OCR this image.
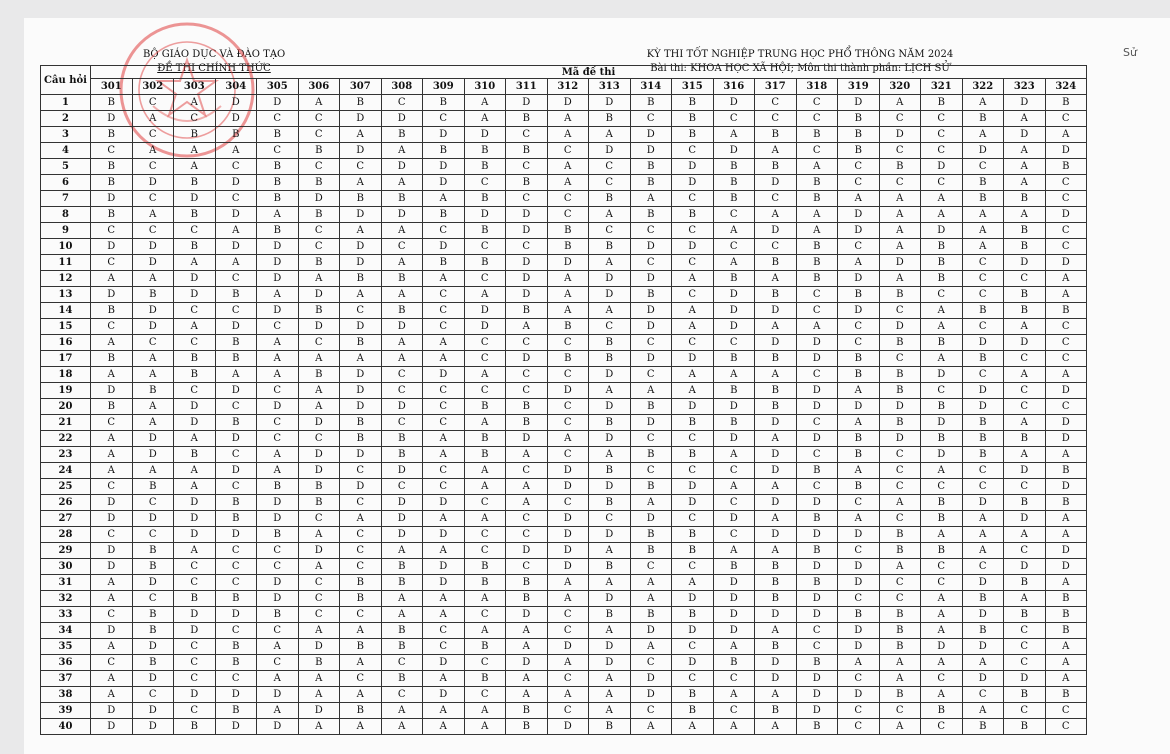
BỘ GIÁO DỤC VÀ ĐÀO TẠO
ĐỀ THI CHÍNH THỨC
KỲ THI TỐT NGHIỆP TRUNG HỌC PHỔ THÔNG NĂM 2024
Bài thi: KHOA HỌC XÃ HỘI; Môn thi thành phần: LỊCH SỬ
Sử
Câu hỏi	Mã đề thi																							
	301	302	303	304	305	306	307	308	309	310	311	312	313	314	315	316	317	318	319	320	321	322	323	324
1	B	C	A	D	D	A	B	C	B	A	D	D	D	B	B	D	C	C	D	A	B	A	D	B
2	D	A	C	D	C	C	D	D	C	A	B	A	B	C	B	C	C	C	B	C	C	B	A	C
3	B	C	B	B	B	C	A	B	D	D	C	A	A	D	B	A	B	B	B	D	C	A	D	A
4	C	A	A	A	C	B	D	A	B	B	B	C	D	D	C	D	A	C	B	C	C	D	A	D
5	B	C	A	C	B	C	C	D	D	B	C	A	C	B	D	B	B	A	C	B	D	C	A	B
6	B	D	B	D	B	B	A	A	D	C	B	A	C	B	D	B	D	B	C	C	C	B	A	C
7	D	C	D	C	B	D	B	B	A	B	C	C	B	A	C	B	C	B	A	A	A	B	B	C
8	B	A	B	D	A	B	D	D	B	D	D	C	A	B	B	C	A	A	D	A	A	A	A	D
9	C	C	C	A	B	C	A	A	C	B	D	B	C	C	C	A	D	A	D	A	D	A	B	C
10	D	D	B	D	D	C	D	C	D	C	C	B	B	D	D	C	C	B	C	A	B	A	B	C
11	C	D	A	A	D	B	D	A	B	B	D	D	A	C	C	A	B	B	A	D	B	C	D	D
12	A	A	D	C	D	A	B	B	A	C	D	A	D	D	A	B	A	B	D	A	B	C	C	A
13	D	B	D	B	A	D	A	A	C	A	D	A	D	B	C	D	B	C	B	B	C	C	B	A
14	B	D	C	C	D	B	C	B	C	D	B	A	A	D	A	D	D	C	D	C	A	B	B	B
15	C	D	A	D	C	D	D	D	C	D	A	B	C	D	A	D	A	A	C	D	A	C	A	C
16	A	C	C	B	A	C	B	A	A	C	C	C	B	C	C	C	D	D	C	B	B	D	D	C
17	B	A	B	B	A	A	A	A	A	C	D	B	B	D	D	B	B	D	B	C	A	B	C	C
18	A	A	B	A	A	B	D	C	D	A	C	C	D	C	A	A	A	C	B	B	D	C	A	A
19	D	B	C	D	C	A	D	C	C	C	C	D	A	A	A	B	B	D	A	B	C	D	C	D
20	B	A	D	C	D	A	D	D	C	B	B	C	D	B	D	D	B	D	D	D	B	D	C	C
21	C	A	D	B	C	D	B	C	C	A	B	C	B	D	B	B	D	C	A	B	D	B	A	D
22	A	D	A	D	C	C	B	B	A	B	D	A	D	C	C	D	A	D	B	D	B	B	B	D
23	A	D	B	C	A	D	D	B	A	B	A	C	A	B	B	A	D	C	B	C	D	B	A	A
24	A	A	A	D	A	D	C	D	C	A	C	D	B	C	C	C	D	B	A	C	A	C	D	B
25	C	B	A	C	B	B	D	C	C	A	A	D	D	B	D	A	A	C	B	C	C	C	C	D
26	D	C	D	B	D	B	C	D	D	C	A	C	B	A	D	C	D	D	C	A	B	D	B	B
27	D	D	D	B	D	C	A	D	A	A	C	D	C	D	C	D	A	B	A	C	B	A	D	A
28	C	C	D	D	B	A	C	D	D	C	C	D	D	B	B	C	D	D	D	B	A	A	A	A
29	D	B	A	C	C	D	C	A	A	C	D	D	A	B	B	A	A	B	C	B	B	A	C	D
30	D	B	C	C	C	A	C	B	D	B	C	D	B	C	C	B	B	D	D	A	C	C	D	D
31	A	D	C	C	D	C	B	B	D	B	B	A	A	A	A	D	B	B	D	C	C	D	B	A
32	A	C	B	B	D	C	B	A	A	A	B	A	D	A	D	D	B	D	C	C	A	B	A	B
33	C	B	D	D	B	C	C	A	A	C	D	C	B	B	B	D	D	D	B	B	A	D	B	B
34	D	B	D	C	C	A	A	B	C	A	A	C	A	D	D	D	A	C	D	B	A	B	C	B
35	A	D	C	B	A	D	B	B	C	B	A	D	D	A	C	A	B	C	D	B	D	D	C	A
36	C	B	C	B	C	B	A	C	D	C	D	A	D	C	D	B	D	B	A	A	A	A	C	A
37	A	D	C	C	A	A	C	B	A	B	A	C	A	D	C	C	D	D	C	A	C	D	D	A
38	A	C	D	D	D	A	A	C	D	C	A	A	A	D	B	A	A	D	D	B	A	C	B	B
39	D	D	C	B	A	D	B	A	A	A	B	C	A	C	B	C	B	D	C	C	B	A	C	C
40	D	D	B	D	D	A	A	A	A	A	B	D	B	A	A	A	A	B	C	A	C	B	B	C
